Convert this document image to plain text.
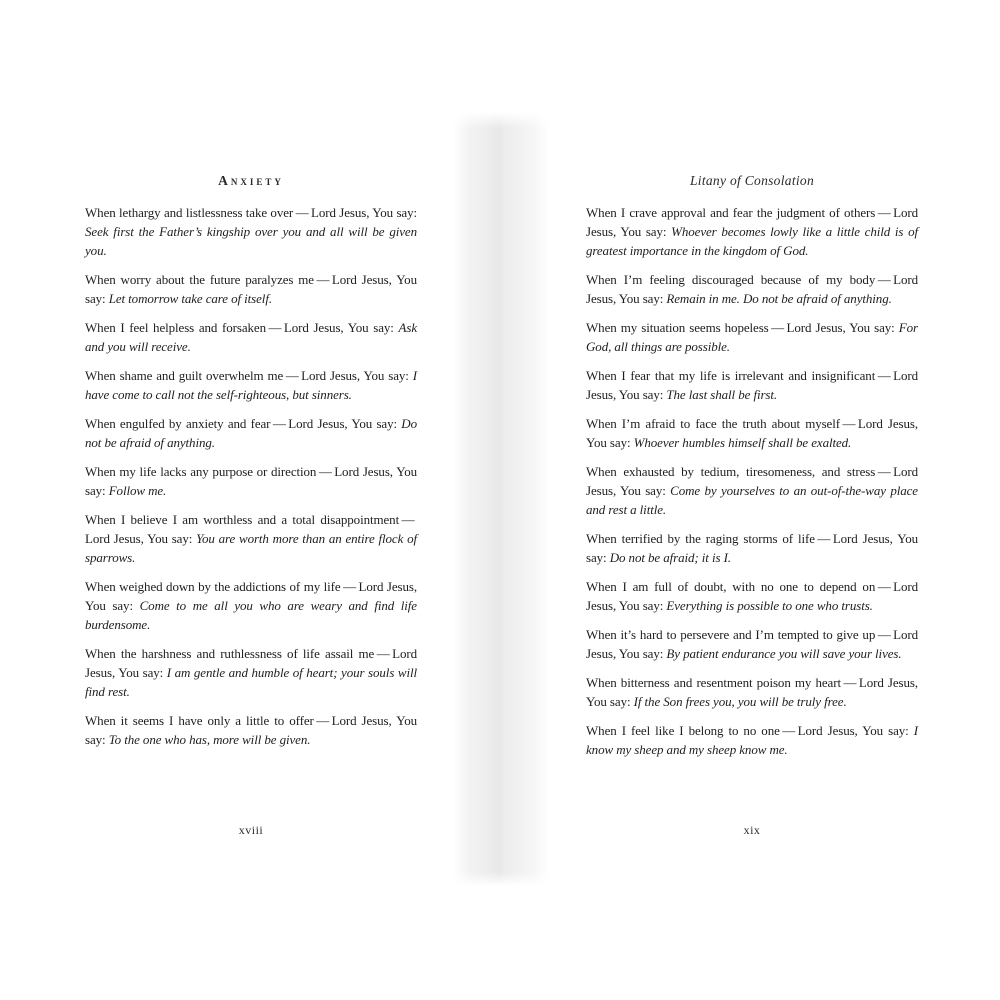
Anxiety

When lethargy and listlessness take over — Lord Jesus, You say: Seek first the Father’s kingship over you and all will be given you.

When worry about the future paralyzes me — Lord Jesus, You say: Let tomorrow take care of itself.

When I feel helpless and forsaken — Lord Jesus, You say: Ask and you will receive.

When shame and guilt overwhelm me — Lord Jesus, You say: I have come to call not the self-righteous, but sinners.

When engulfed by anxiety and fear — Lord Jesus, You say: Do not be afraid of anything.

When my life lacks any purpose or direction — Lord Jesus, You say: Follow me.

When I believe I am worthless and a total disappointment — Lord Jesus, You say: You are worth more than an entire flock of sparrows.

When weighed down by the addictions of my life — Lord Jesus, You say: Come to me all you who are weary and find life burdensome.

When the harshness and ruthlessness of life assail me — Lord Jesus, You say: I am gentle and humble of heart; your souls will find rest.

When it seems I have only a little to offer — Lord Jesus, You say: To the one who has, more will be given.

xviii
Litany of Consolation

When I crave approval and fear the judgment of others — Lord Jesus, You say: Whoever becomes lowly like a little child is of greatest importance in the kingdom of God.

When I’m feeling discouraged because of my body — Lord Jesus, You say: Remain in me. Do not be afraid of anything.

When my situation seems hopeless — Lord Jesus, You say: For God, all things are possible.

When I fear that my life is irrelevant and insignificant — Lord Jesus, You say: The last shall be first.

When I’m afraid to face the truth about myself — Lord Jesus, You say: Whoever humbles himself shall be exalted.

When exhausted by tedium, tiresomeness, and stress — Lord Jesus, You say: Come by yourselves to an out-of-the-way place and rest a little.

When terrified by the raging storms of life — Lord Jesus, You say: Do not be afraid; it is I.

When I am full of doubt, with no one to depend on — Lord Jesus, You say: Everything is possible to one who trusts.

When it’s hard to persevere and I’m tempted to give up — Lord Jesus, You say: By patient endurance you will save your lives.

When bitterness and resentment poison my heart — Lord Jesus, You say: If the Son frees you, you will be truly free.

When I feel like I belong to no one — Lord Jesus, You say: I know my sheep and my sheep know me.

xix
